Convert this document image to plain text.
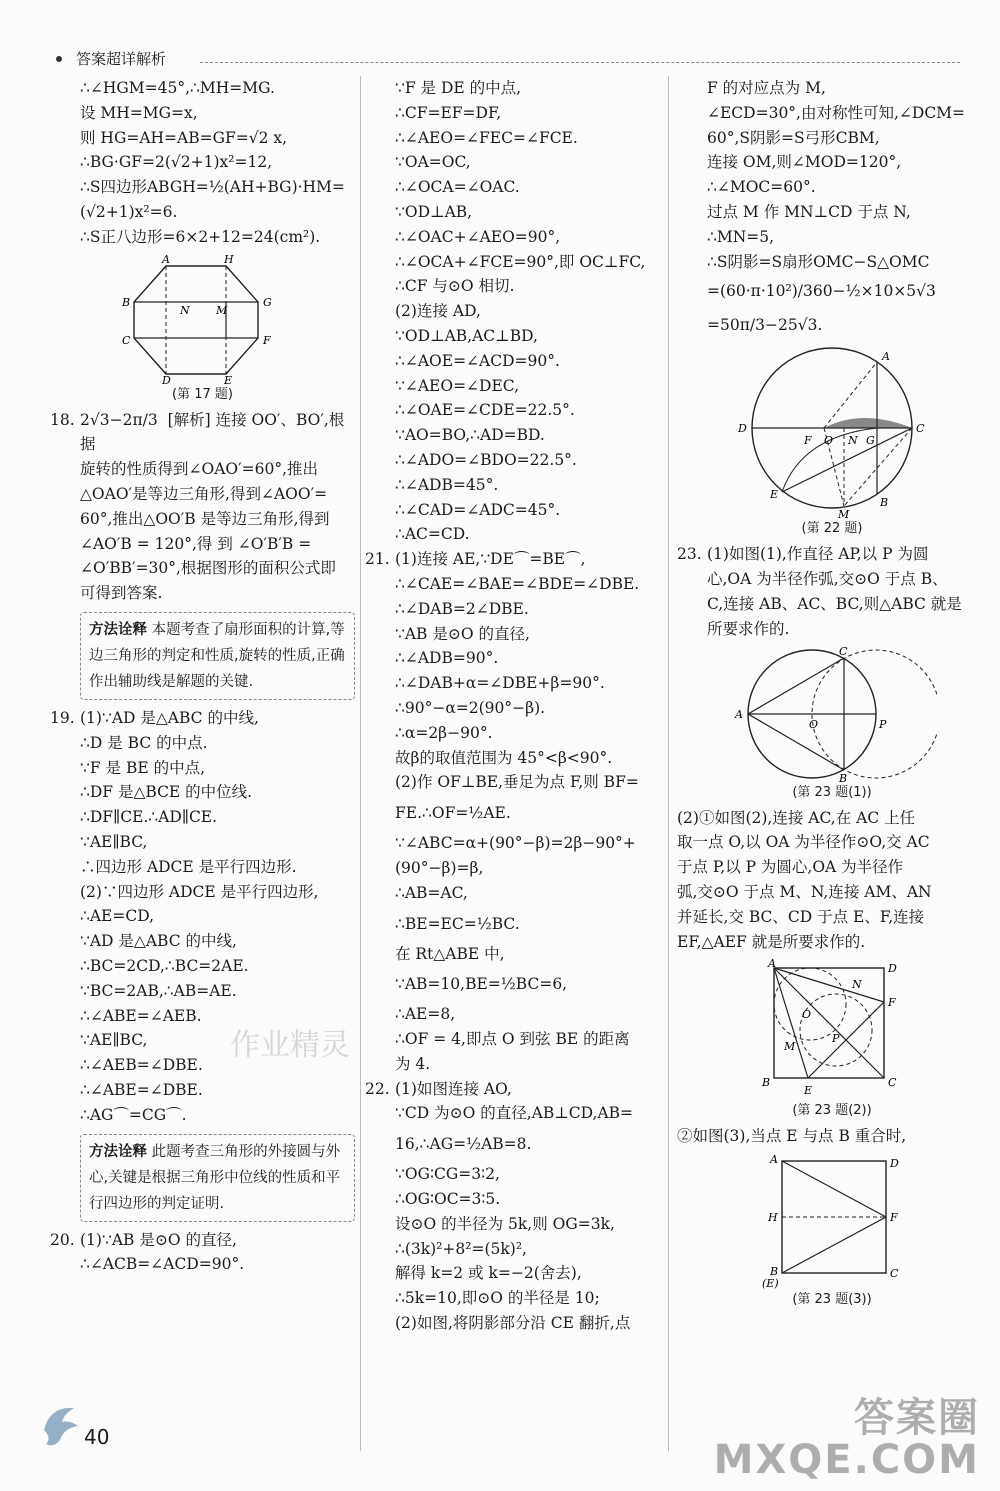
答案超详解析
∴∠HGM=45°,∴MH=MG.
设 MH=MG=x,
则 HG=AH=AB=GF=√2 x,
∴BG·GF=2(√2+1)x²=12,
∴S四边形ABGH=½(AH+BG)·HM=
(√2+1)x²=6.
∴S正八边形=6×2+12=24(cm²).
A	H
B	G
N M
C	F
D	E
(第 17 题)
18. 2√3−2π/3  [解析] 连接 OO′、BO′,根据
旋转的性质得到∠OAO′=60°,推出
△OAO′是等边三角形,得到∠AOO′=
60°,推出△OO′B 是等边三角形,得到
∠AO′B = 120°,得 到 ∠O′B′B =
∠O′BB′=30°,根据图形的面积公式即
可得到答案.
方法诠释 本题考查了扇形面积的计算,等边三角形的判定和性质,旋转的性质,正确作出辅助线是解题的关键.
19. (1)∵AD 是△ABC 的中线,
∴D 是 BC 的中点.
∵F 是 BE 的中点,
∴DF 是△BCE 的中位线.
∴DF∥CE.∴AD∥CE.
∵AE∥BC,
∴四边形 ADCE 是平行四边形.
(2)∵四边形 ADCE 是平行四边形,
∴AE=CD,
∵AD 是△ABC 的中线,
∴BC=2CD,∴BC=2AE.
∵BC=2AB,∴AB=AE.
∴∠ABE=∠AEB.
∵AE∥BC,
∴∠AEB=∠DBE.
∴∠ABE=∠DBE.
∴AG⌒=CG⌒.
方法诠释 此题考查三角形的外接圆与外心,关键是根据三角形中位线的性质和平行四边形的判定证明.
20. (1)∵AB 是⊙O 的直径,
∴∠ACB=∠ACD=90°.
∵F 是 DE 的中点,
∴CF=EF=DF,
∴∠AEO=∠FEC=∠FCE.
∵OA=OC,
∴∠OCA=∠OAC.
∵OD⊥AB,
∴∠OAC+∠AEO=90°,
∴∠OCA+∠FCE=90°,即 OC⊥FC,
∴CF 与⊙O 相切.
(2)连接 AD,
∵OD⊥AB,AC⊥BD,
∴∠AOE=∠ACD=90°.
∵∠AEO=∠DEC,
∴∠OAE=∠CDE=22.5°.
∵AO=BO,∴AD=BD.
∴∠ADO=∠BDO=22.5°.
∴∠ADB=45°.
∴∠CAD=∠ADC=45°.
∴AC=CD.
21. (1)连接 AE,∵DE⌒=BE⌒,
∴∠CAE=∠BAE=∠BDE=∠DBE.
∴∠DAB=2∠DBE.
∵AB 是⊙O 的直径,
∴∠ADB=90°.
∴∠DAB+α=∠DBE+β=90°.
∴90°−α=2(90°−β).
∴α=2β−90°.
故β的取值范围为 45°<β<90°.
(2)作 OF⊥BE,垂足为点 F,则 BF=
FE.∴OF=½AE.
∵∠ABC=α+(90°−β)=2β−90°+
(90°−β)=β,
∴AB=AC,
∴BE=EC=½BC.
在 Rt△ABE 中,
∵AB=10,BE=½BC=6,
∴AE=8,
∴OF = 4,即点 O 到弦 BE 的距离
为 4.
22. (1)如图连接 AO,
∵CD 为⊙O 的直径,AB⊥CD,AB=
16,∴AG=½AB=8.
∵OG∶CG=3∶2,
∴OG∶OC=3∶5.
设⊙O 的半径为 5k,则 OG=3k,
∴(3k)²+8²=(5k)²,
解得 k=2 或 k=−2(舍去),
∴5k=10,即⊙O 的半径是 10;
(2)如图,将阴影部分沿 CE 翻折,点
F 的对应点为 M,
∠ECD=30°,由对称性可知,∠DCM=
60°,S阴影=S弓形CBM,
连接 OM,则∠MOD=120°,
∴∠MOC=60°.
过点 M 作 MN⊥CD 于点 N,
∴MN=5,
∴S阴影=S扇形OMC−S△OMC
=(60·π·10²)/360−½×10×5√3
=50π/3−25√3.
A
D	C
F O N G
E
M
B
(第 22 题)
23. (1)如图(1),作直径 AP,以 P 为圆
心,OA 为半径作弧,交⊙O 于点 B、
C,连接 AB、AC、BC,则△ABC 就是
所要求作的.
C
A
O	P
B
(第 23 题(1))
(2)①如图(2),连接 AC,在 AC 上任
取一点 O,以 OA 为半径作⊙O,交 AC
于点 P,以 P 为圆心,OA 为半径作
弧,交⊙O 于点 M、N,连接 AM、AN
并延长,交 BC、CD 于点 E、F,连接
EF,△AEF 就是所要求作的.
A	D
N
F
O
M
P
B
E
C
(第 23 题(2))
②如图(3),当点 E 与点 B 重合时,
A	D
H	F
B
(E)
C
(第 23 题(3))
40
作业精灵
答案圈
MXQE.COM
